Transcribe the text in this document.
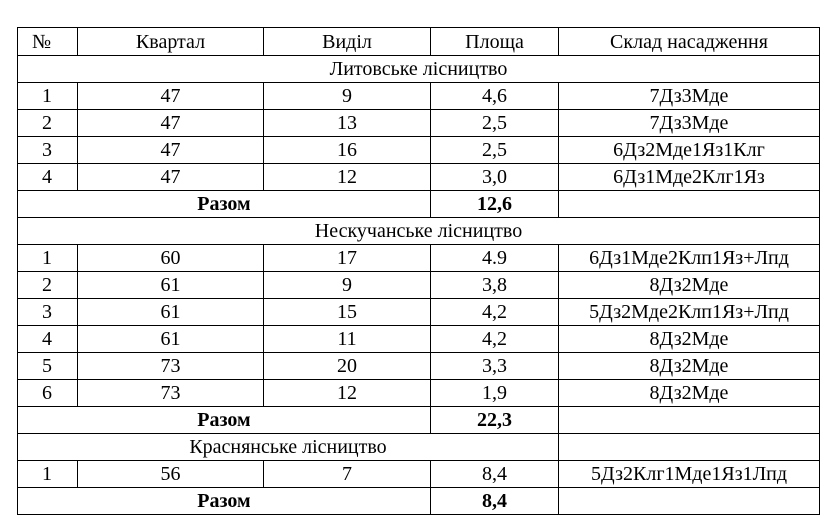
№	Квартал	Виділ	Площа	Склад насадження
Литовське лісництво				
1	47	9	4,6	7Дз3Мде
2	47	13	2,5	7Дз3Мде
3	47	16	2,5	6Дз2Мде1Яз1Клг
4	47	12	3,0	6Дз1Мде2Клг1Яз
Разом			12,6	
Нескучанське лісництво				
1	60	17	4.9	6Дз1Мде2Клп1Яз+Лпд
2	61	9	3,8	8Дз2Мде
3	61	15	4,2	5Дз2Мде2Клп1Яз+Лпд
4	61	11	4,2	8Дз2Мде
5	73	20	3,3	8Дз2Мде
6	73	12	1,9	8Дз2Мде
Разом			22,3	
Краснянське лісництво				
1	56	7	8,4	5Дз2Клг1Мде1Яз1Лпд
Разом			8,4	
